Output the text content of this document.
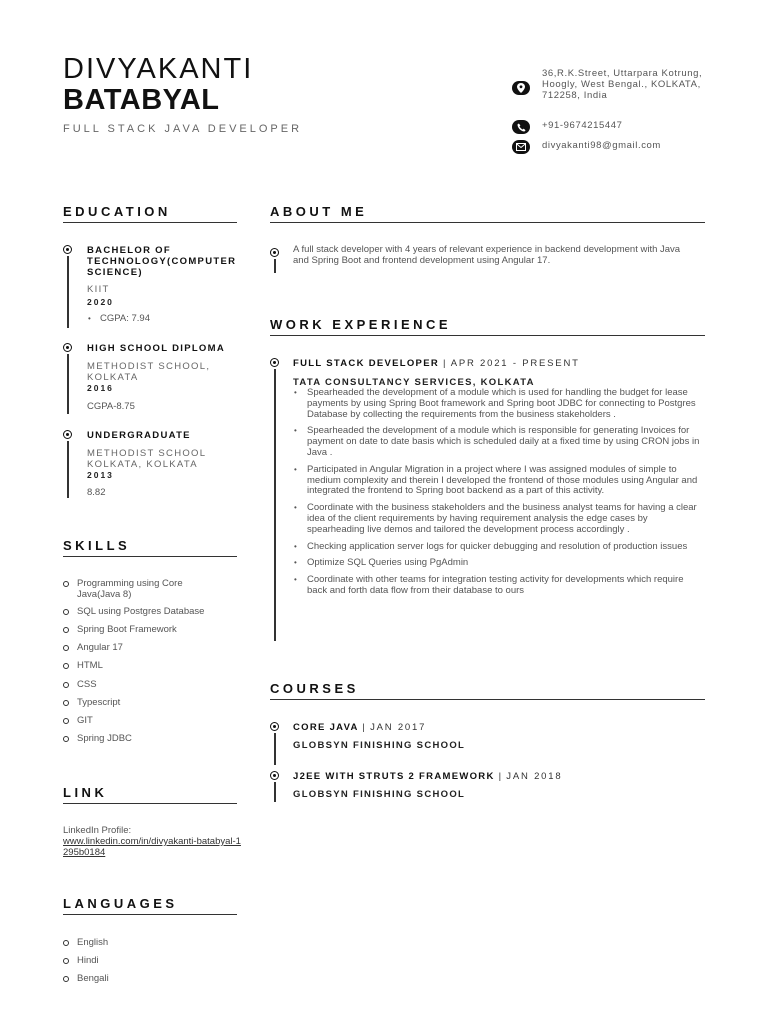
DIVYAKANTI
BATABYAL
FULL STACK JAVA DEVELOPER
36,R.K.Street, Uttarpara Kotrung, Hoogly, West Bengal., KOLKATA, 712258, India
+91-9674215447
divyakanti98@gmail.com
EDUCATION
BACHELOR OF TECHNOLOGY(COMPUTER SCIENCE)
KIIT
2020
• CGPA: 7.94
HIGH SCHOOL DIPLOMA
METHODIST SCHOOL, KOLKATA
2016
CGPA-8.75
UNDERGRADUATE
METHODIST SCHOOL KOLKATA, KOLKATA
2013
8.82
SKILLS
Programming using Core Java(Java 8)
SQL using Postgres Database
Spring Boot Framework
Angular 17
HTML
CSS
Typescript
GIT
Spring JDBC
LINK
LinkedIn Profile:
www.linkedin.com/in/divyakanti-batabyal-1295b0184
LANGUAGES
English
Hindi
Bengali
ABOUT ME
A full stack developer with 4 years of relevant experience in backend development with Java and Spring Boot and frontend development using Angular 17.
WORK EXPERIENCE
FULL STACK DEVELOPER | APR 2021 - PRESENT
TATA CONSULTANCY SERVICES, KOLKATA
• Spearheaded the development of a module which is used for handling the budget for lease payments by using Spring Boot framework and Spring boot JDBC for connecting to Postgres Database by collecting the requirements from the business stakeholders .
• Spearheaded the development of a module which is responsible for generating Invoices for payment on date to date basis which is scheduled daily at a fixed time by using CRON jobs in Java .
• Participated in Angular Migration in a project where I was assigned modules of simple to medium complexity and therein I developed the frontend of those modules using Angular and integrated the frontend to Spring boot backend as a part of this activity.
• Coordinate with the business stakeholders and the business analyst teams for having a clear idea of the client requirements by having requirement analysis the edge cases by spearheading live demos and tailored the development process accordingly .
• Checking application server logs for quicker debugging and resolution of production issues
• Optimize SQL Queries using PgAdmin
• Coordinate with other teams for integration testing activity for developments which require back and forth data flow from their database to ours
COURSES
CORE JAVA | JAN 2017
GLOBSYN FINISHING SCHOOL
J2EE WITH STRUTS 2 FRAMEWORK | JAN 2018
GLOBSYN FINISHING SCHOOL
